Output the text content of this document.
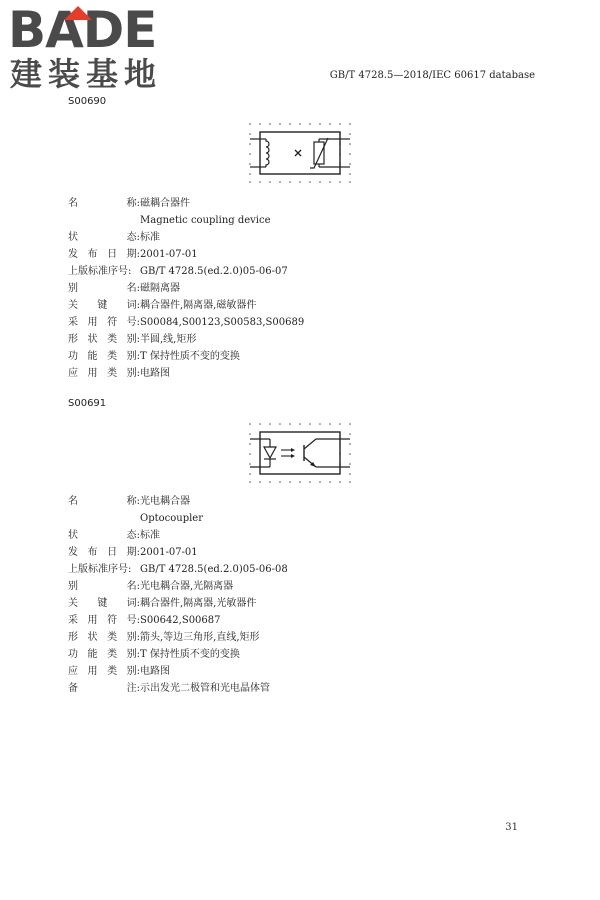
BADE
建装基地	GB/T 4728.5—2018/IEC 60617 database
S00690
名	称: 磁耦合器件
Magnetic coupling device
状	态: 标准
发 布 日 期: 2001-07-01
上版标准序号: GB/T 4728.5(ed.2.0)05-06-07
别	名: 磁隔离器
关 键 词: 耦合器件,隔离器,磁敏器件
采 用 符 号: S00084,S00123,S00583,S00689
形 状 类 别: 半圆,线,矩形
功 能 类 别: T 保持性质不变的变换
应 用 类 别: 电路图
S00691
名	称: 光电耦合器
Optocoupler
状	态: 标准
发 布 日 期: 2001-07-01
上版标准序号: GB/T 4728.5(ed.2.0)05-06-08
别	名: 光电耦合器,光隔离器
关 键 词: 耦合器件,隔离器,光敏器件
采 用 符 号: S00642,S00687
形 状 类 别: 箭头,等边三角形,直线,矩形
功 能 类 别: T 保持性质不变的变换
应 用 类 别: 电路图
备	注: 示出发光二极管和光电晶体管
31
